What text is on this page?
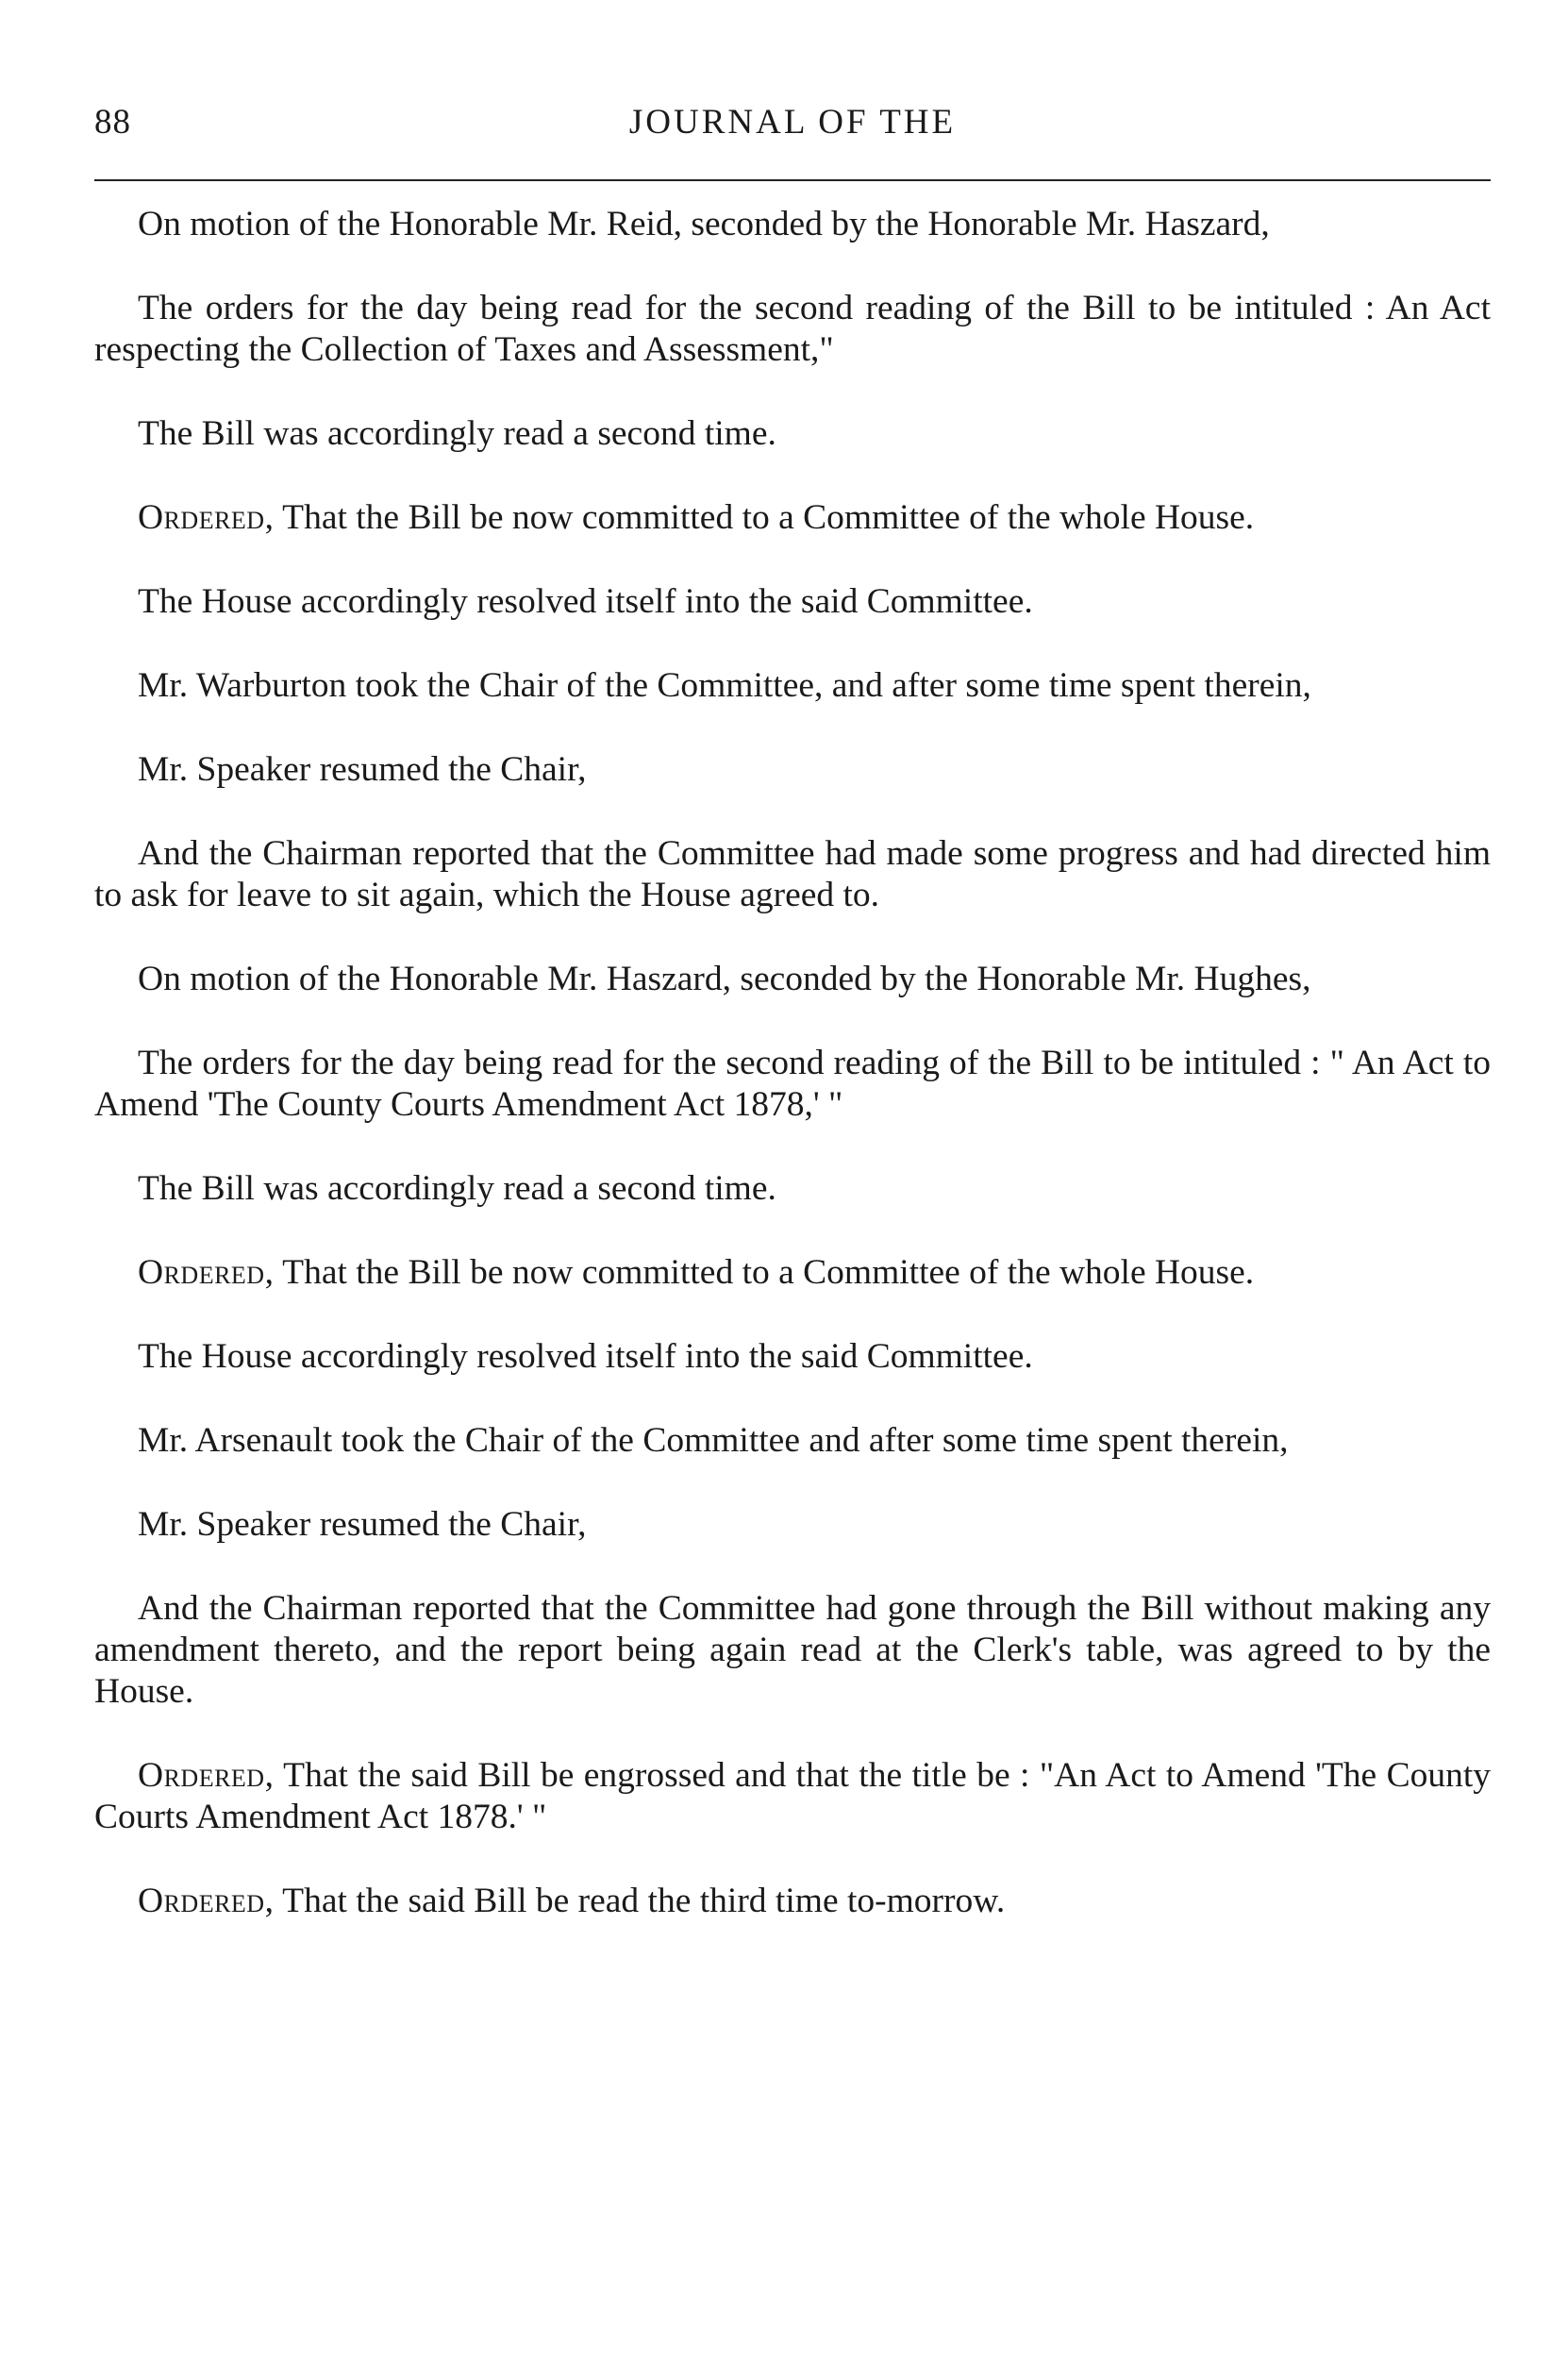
88	JOURNAL OF THE

On motion of the Honorable Mr. Reid, seconded by the Honorable Mr. Haszard,

The orders for the day being read for the second reading of the Bill to be intituled : An Act respecting the Collection of Taxes and Assessment,"

The Bill was accordingly read a second time.

Ordered, That the Bill be now committed to a Committee of the whole House.

The House accordingly resolved itself into the said Committee.

Mr. Warburton took the Chair of the Committee, and after some time spent therein,

Mr. Speaker resumed the Chair,

And the Chairman reported that the Committee had made some progress and had directed him to ask for leave to sit again, which the House agreed to.

On motion of the Honorable Mr. Haszard, seconded by the Honorable Mr. Hughes,

The orders for the day being read for the second reading of the Bill to be intituled : " An Act to Amend 'The County Courts Amendment Act 1878,' "

The Bill was accordingly read a second time.

Ordered, That the Bill be now committed to a Committee of the whole House.

The House accordingly resolved itself into the said Committee.

Mr. Arsenault took the Chair of the Committee and after some time spent therein,

Mr. Speaker resumed the Chair,

And the Chairman reported that the Committee had gone through the Bill without making any amendment thereto, and the report being again read at the Clerk's table, was agreed to by the House.

Ordered, That the said Bill be engrossed and that the title be : "An Act to Amend 'The County Courts Amendment Act 1878.' "

Ordered, That the said Bill be read the third time to-morrow.
